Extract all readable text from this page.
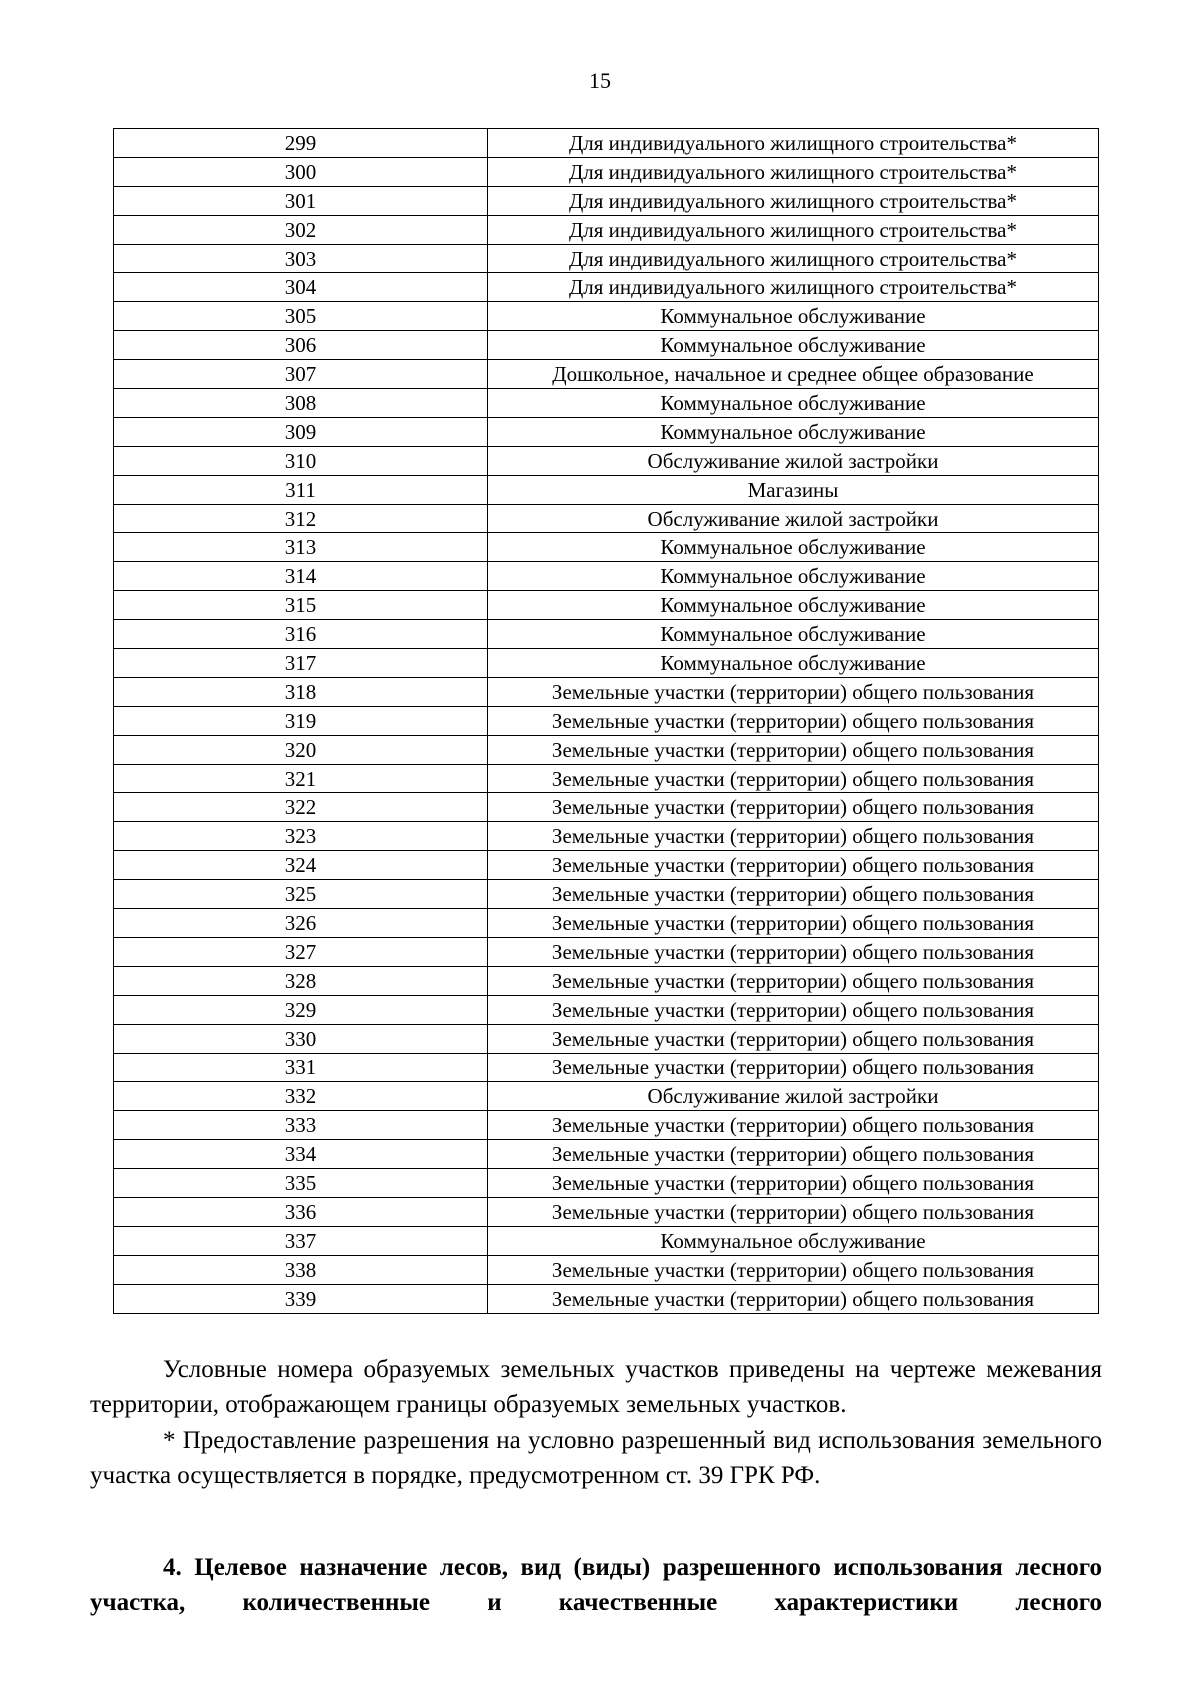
15
299	Для индивидуального жилищного строительства*
300	Для индивидуального жилищного строительства*
301	Для индивидуального жилищного строительства*
302	Для индивидуального жилищного строительства*
303	Для индивидуального жилищного строительства*
304	Для индивидуального жилищного строительства*
305	Коммунальное обслуживание
306	Коммунальное обслуживание
307	Дошкольное, начальное и среднее общее образование
308	Коммунальное обслуживание
309	Коммунальное обслуживание
310	Обслуживание жилой застройки
311	Магазины
312	Обслуживание жилой застройки
313	Коммунальное обслуживание
314	Коммунальное обслуживание
315	Коммунальное обслуживание
316	Коммунальное обслуживание
317	Коммунальное обслуживание
318	Земельные участки (территории) общего пользования
319	Земельные участки (территории) общего пользования
320	Земельные участки (территории) общего пользования
321	Земельные участки (территории) общего пользования
322	Земельные участки (территории) общего пользования
323	Земельные участки (территории) общего пользования
324	Земельные участки (территории) общего пользования
325	Земельные участки (территории) общего пользования
326	Земельные участки (территории) общего пользования
327	Земельные участки (территории) общего пользования
328	Земельные участки (территории) общего пользования
329	Земельные участки (территории) общего пользования
330	Земельные участки (территории) общего пользования
331	Земельные участки (территории) общего пользования
332	Обслуживание жилой застройки
333	Земельные участки (территории) общего пользования
334	Земельные участки (территории) общего пользования
335	Земельные участки (территории) общего пользования
336	Земельные участки (территории) общего пользования
337	Коммунальное обслуживание
338	Земельные участки (территории) общего пользования
339	Земельные участки (территории) общего пользования
Условные номера образуемых земельных участков приведены на чертеже межевания территории, отображающем границы образуемых земельных участков.
* Предоставление разрешения на условно разрешенный вид использования земельного участка осуществляется в порядке, предусмотренном ст. 39 ГРК РФ.
4. Целевое назначение лесов, вид (виды) разрешенного использования лесного участка, количественные и качественные характеристики лесного
